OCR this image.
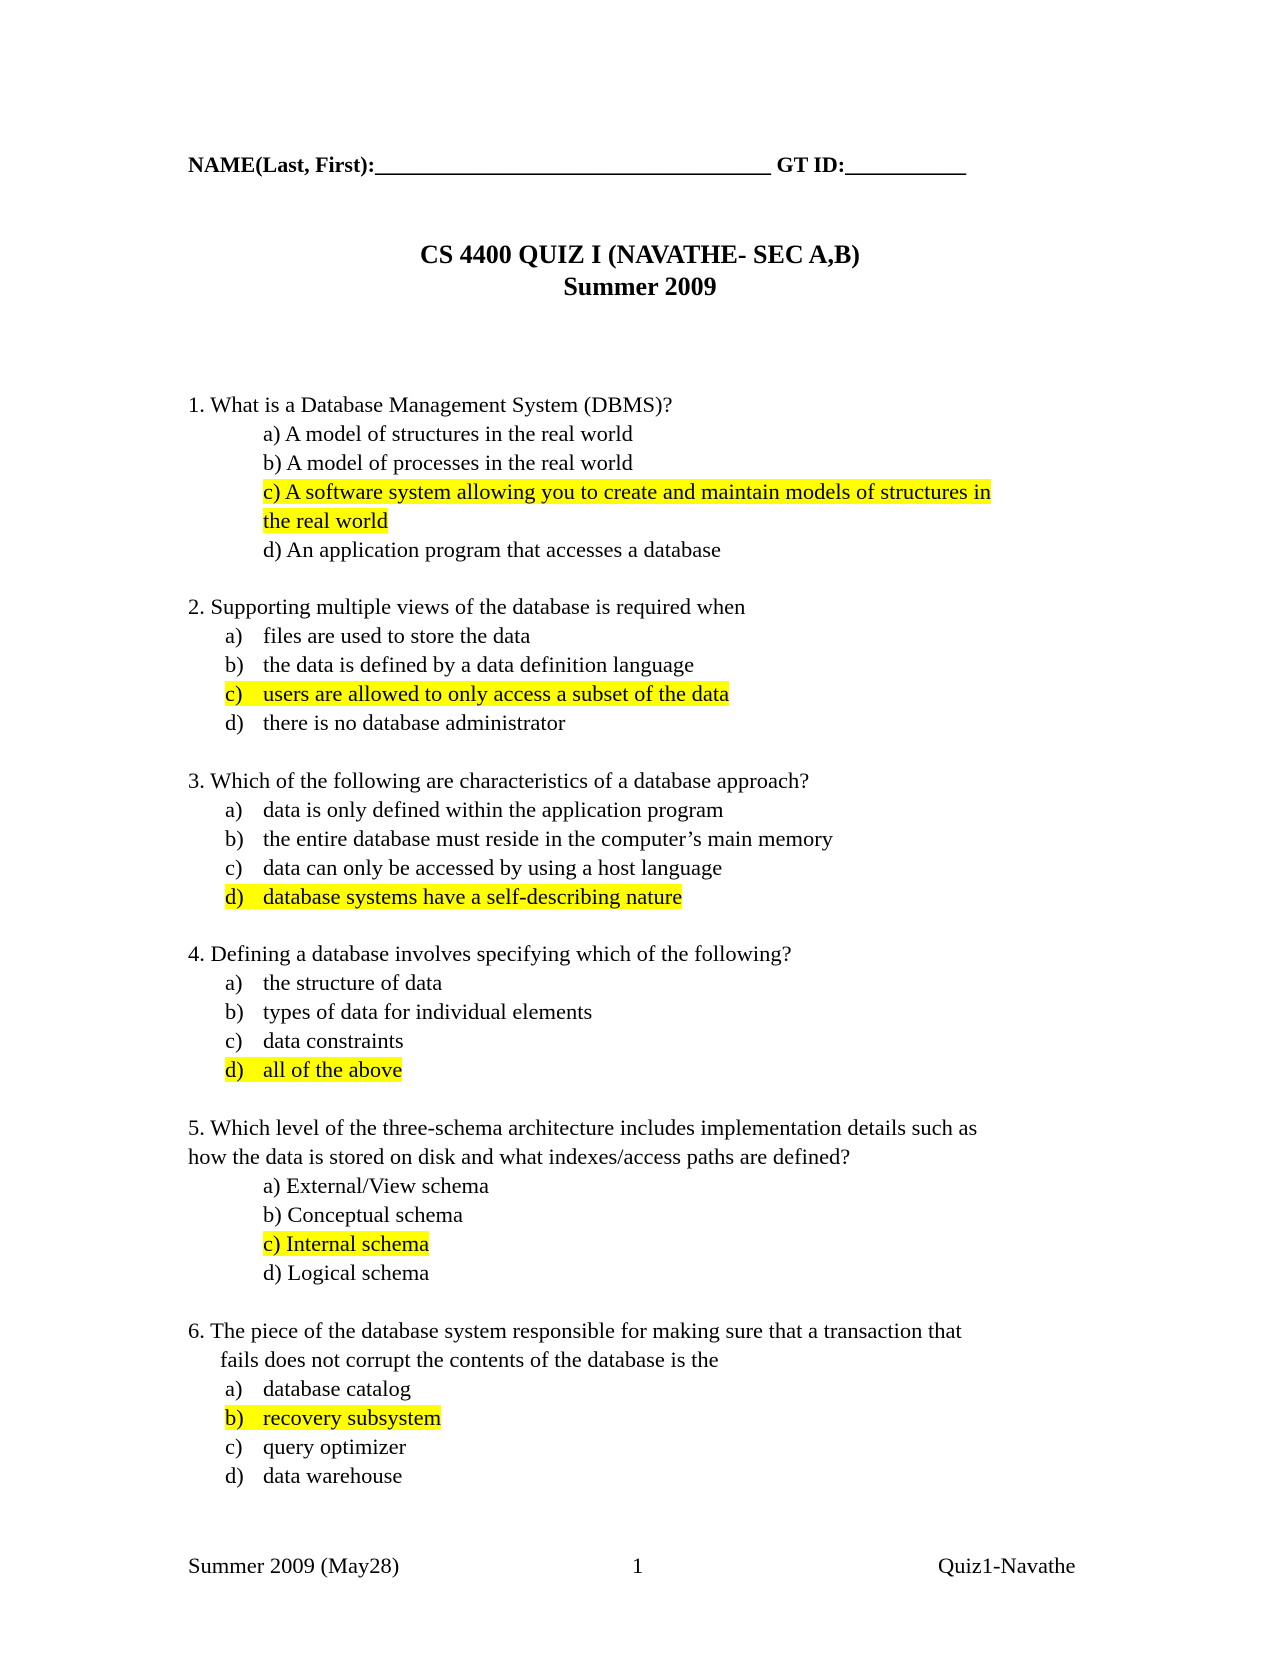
NAME(Last, First):____________________________________ GT ID:___________
CS 4400 QUIZ I (NAVATHE- SEC A,B)
Summer 2009
1. What is a Database Management System (DBMS)?
a) A model of structures in the real world
b) A model of processes in the real world
c) A software system allowing you to create and maintain models of structures in
the real world
d) An application program that accesses a database
2. Supporting multiple views of the database is required when
a) files are used to store the data
b) the data is defined by a data definition language
c) users are allowed to only access a subset of the data
d) there is no database administrator
3. Which of the following are characteristics of a database approach?
a) data is only defined within the application program
b) the entire database must reside in the computer’s main memory
c) data can only be accessed by using a host language
d) database systems have a self-describing nature
4. Defining a database involves specifying which of the following?
a) the structure of data
b) types of data for individual elements
c) data constraints
d) all of the above
5. Which level of the three-schema architecture includes implementation details such as
how the data is stored on disk and what indexes/access paths are defined?
a) External/View schema
b) Conceptual schema
c) Internal schema
d) Logical schema
6. The piece of the database system responsible for making sure that a transaction that
fails does not corrupt the contents of the database is the
a) database catalog
b) recovery subsystem
c) query optimizer
d) data warehouse
Summer 2009 (May28)	1	Quiz1-Navathe
